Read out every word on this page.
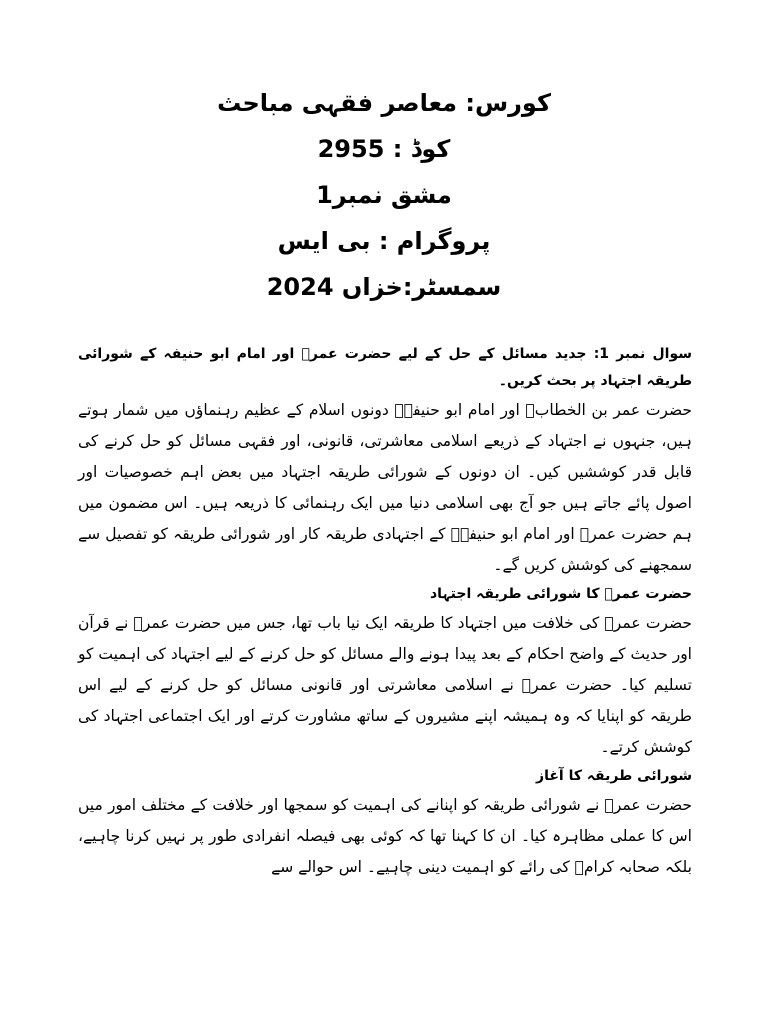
کورس: معاصر فقہی مباحث
کوڈ : 2955
مشق نمبر1
پروگرام : بی ایس
سمسٹر:خزاں 2024

سوال نمبر 1: جدید مسائل کے حل کے لیے حضرت عمرؓ اور امام ابو حنیفہ کے شورائی طریقہ اجتہاد پر بحث کریں۔

حضرت عمر بن الخطابؓ اور امام ابو حنیفہؒ دونوں اسلام کے عظیم رہنماؤں میں شمار ہوتے ہیں، جنہوں نے اجتہاد کے ذریعے اسلامی معاشرتی، قانونی، اور فقہی مسائل کو حل کرنے کی قابل قدر کوششیں کیں۔ ان دونوں کے شورائی طریقہ اجتہاد میں بعض اہم خصوصیات اور اصول پائے جاتے ہیں جو آج بھی اسلامی دنیا میں ایک رہنمائی کا ذریعہ ہیں۔ اس مضمون میں ہم حضرت عمرؓ اور امام ابو حنیفہؒ کے اجتہادی طریقہ کار اور شورائی طریقہ کو تفصیل سے سمجھنے کی کوشش کریں گے۔

حضرت عمرؓ کا شورائی طریقہ اجتہاد

حضرت عمرؓ کی خلافت میں اجتہاد کا طریقہ ایک نیا باب تھا، جس میں حضرت عمرؓ نے قرآن اور حدیث کے واضح احکام کے بعد پیدا ہونے والے مسائل کو حل کرنے کے لیے اجتہاد کی اہمیت کو تسلیم کیا۔ حضرت عمرؓ نے اسلامی معاشرتی اور قانونی مسائل کو حل کرنے کے لیے اس طریقہ کو اپنایا کہ وہ ہمیشہ اپنے مشیروں کے ساتھ مشاورت کرتے اور ایک اجتماعی اجتہاد کی کوشش کرتے۔

شورائی طریقہ کا آغاز

حضرت عمرؓ نے شورائی طریقہ کو اپنانے کی اہمیت کو سمجھا اور خلافت کے مختلف امور میں اس کا عملی مظاہرہ کیا۔ ان کا کہنا تھا کہ کوئی بھی فیصلہ انفرادی طور پر نہیں کرنا چاہیے، بلکہ صحابہ کرامؓ کی رائے کو اہمیت دینی چاہیے۔ اس حوالے سے
